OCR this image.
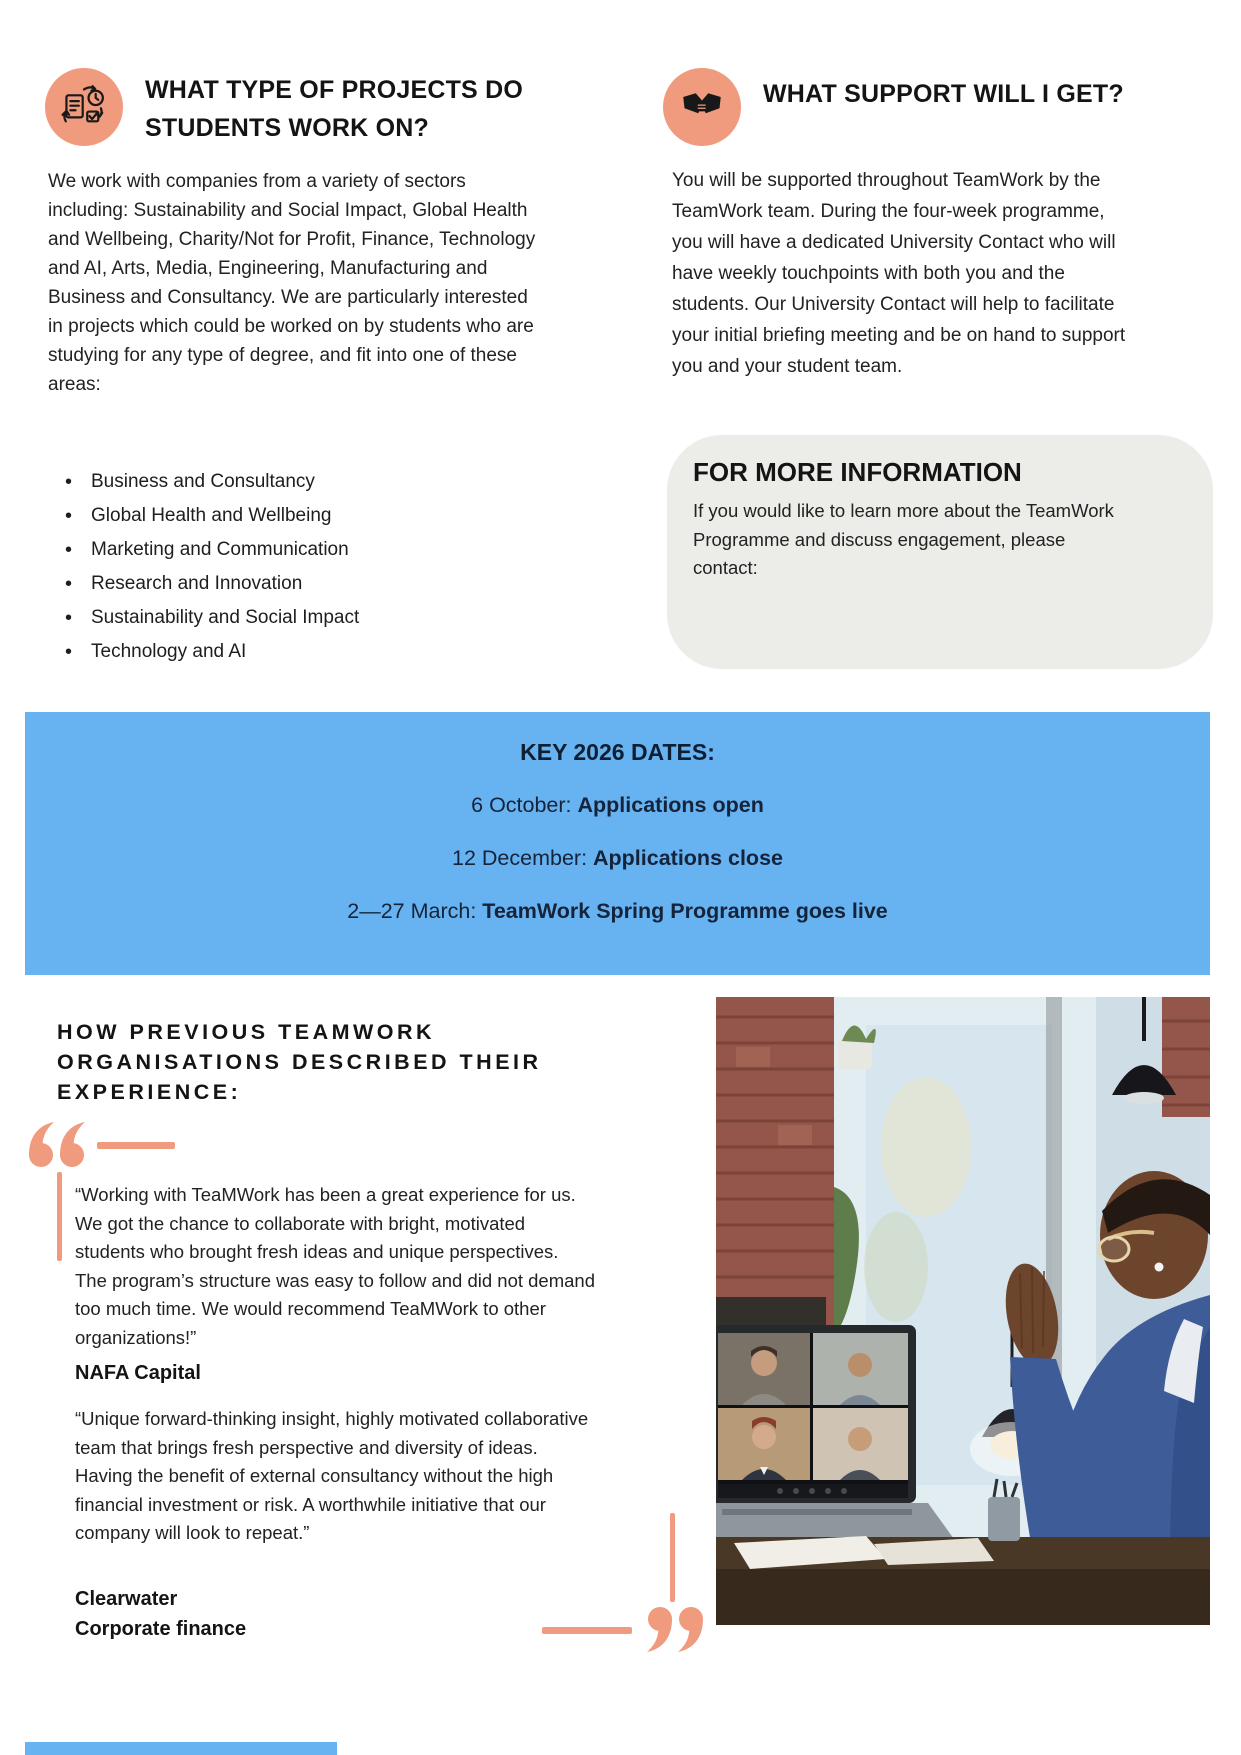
WHAT TYPE OF PROJECTS DO STUDENTS WORK ON?

We work with companies from a variety of sectors including: Sustainability and Social Impact, Global Health and Wellbeing, Charity/Not for Profit, Finance, Technology and AI, Arts, Media, Engineering, Manufacturing and Business and Consultancy. We are particularly interested in projects which could be worked on by students who are studying for any type of degree, and fit into one of these areas:

• Business and Consultancy
• Global Health and Wellbeing
• Marketing and Communication
• Research and Innovation
• Sustainability and Social Impact
• Technology and AI
WHAT SUPPORT WILL I GET?

You will be supported throughout TeamWork by the TeamWork team. During the four-week programme, you will have a dedicated University Contact who will have weekly touchpoints with both you and the students. Our University Contact will help to facilitate your initial briefing meeting and be on hand to support you and your student team.

FOR MORE INFORMATION

If you would like to learn more about the TeamWork Programme and discuss engagement, please contact:

KEY 2026 DATES:
6 October: Applications open
12 December: Applications close
2—27 March: TeamWork Spring Programme goes live
HOW PREVIOUS TEAMWORK ORGANISATIONS DESCRIBED THEIR EXPERIENCE:
“Working with TeaMWork has been a great experience for us. We got the chance to collaborate with bright, motivated students who brought fresh ideas and unique perspectives. The program’s structure was easy to follow and did not demand too much time. We would recommend TeaMWork to other organizations!”

NAFA Capital

“Unique forward-thinking insight, highly motivated collaborative team that brings fresh perspective and diversity of ideas. Having the benefit of external consultancy without the high financial investment or risk. A worthwhile initiative that our company will look to repeat.”

Clearwater
Corporate finance
